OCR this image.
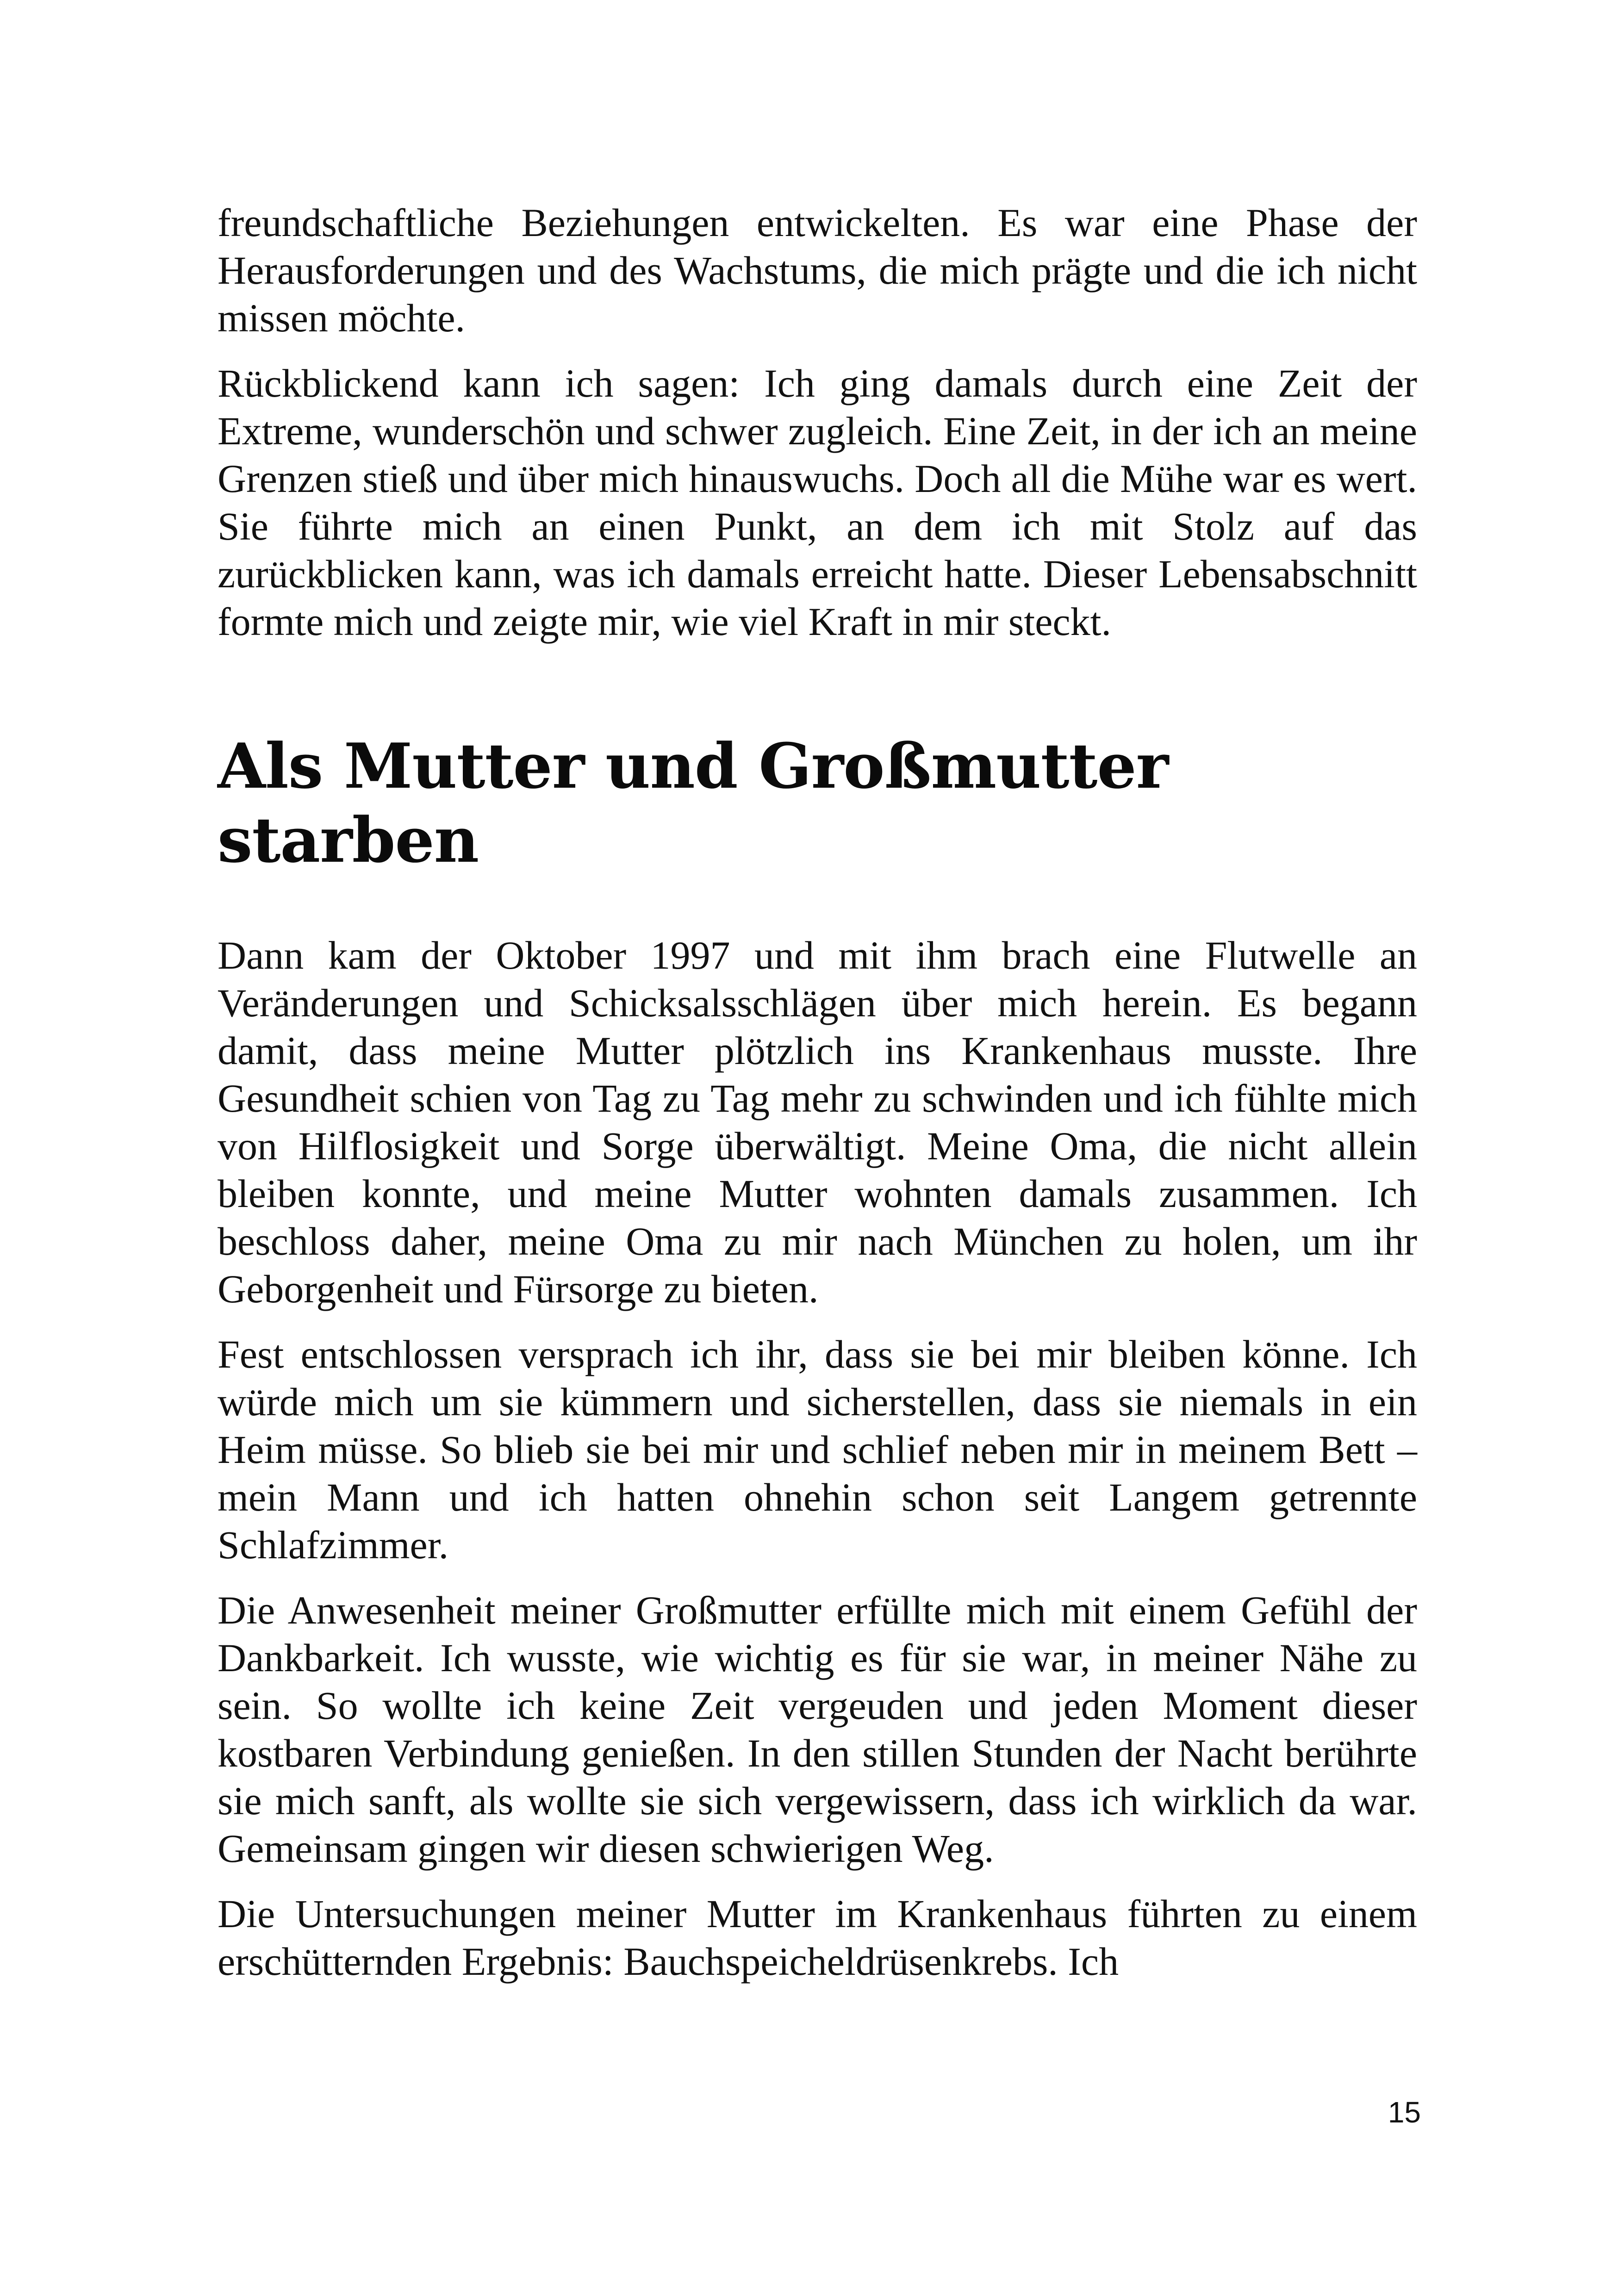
freundschaftliche Beziehungen entwickelten. Es war eine Phase der Herausforderungen und des Wachstums, die mich prägte und die ich nicht missen möchte.

Rückblickend kann ich sagen: Ich ging damals durch eine Zeit der Extreme, wunderschön und schwer zugleich. Eine Zeit, in der ich an meine Grenzen stieß und über mich hinauswuchs. Doch all die Mühe war es wert. Sie führte mich an einen Punkt, an dem ich mit Stolz auf das zurückblicken kann, was ich damals erreicht hatte. Dieser Lebensabschnitt formte mich und zeigte mir, wie viel Kraft in mir steckt.

Als Mutter und Großmutter starben

Dann kam der Oktober 1997 und mit ihm brach eine Flutwelle an Veränderungen und Schicksalsschlägen über mich herein. Es begann damit, dass meine Mutter plötzlich ins Krankenhaus musste. Ihre Gesundheit schien von Tag zu Tag mehr zu schwinden und ich fühlte mich von Hilflosigkeit und Sorge überwältigt. Meine Oma, die nicht allein bleiben konnte, und meine Mutter wohnten damals zusammen. Ich beschloss daher, meine Oma zu mir nach München zu holen, um ihr Geborgenheit und Fürsorge zu bieten.

Fest entschlossen versprach ich ihr, dass sie bei mir bleiben könne. Ich würde mich um sie kümmern und sicherstellen, dass sie niemals in ein Heim müsse. So blieb sie bei mir und schlief neben mir in meinem Bett – mein Mann und ich hatten ohnehin schon seit Langem getrennte Schlafzimmer.

Die Anwesenheit meiner Großmutter erfüllte mich mit einem Gefühl der Dankbarkeit. Ich wusste, wie wichtig es für sie war, in meiner Nähe zu sein. So wollte ich keine Zeit vergeuden und jeden Moment dieser kostbaren Verbindung genießen. In den stillen Stunden der Nacht berührte sie mich sanft, als wollte sie sich vergewissern, dass ich wirklich da war. Gemeinsam gingen wir diesen schwierigen Weg.

Die Untersuchungen meiner Mutter im Krankenhaus führten zu einem erschütternden Ergebnis: Bauchspeicheldrüsenkrebs. Ich

15
